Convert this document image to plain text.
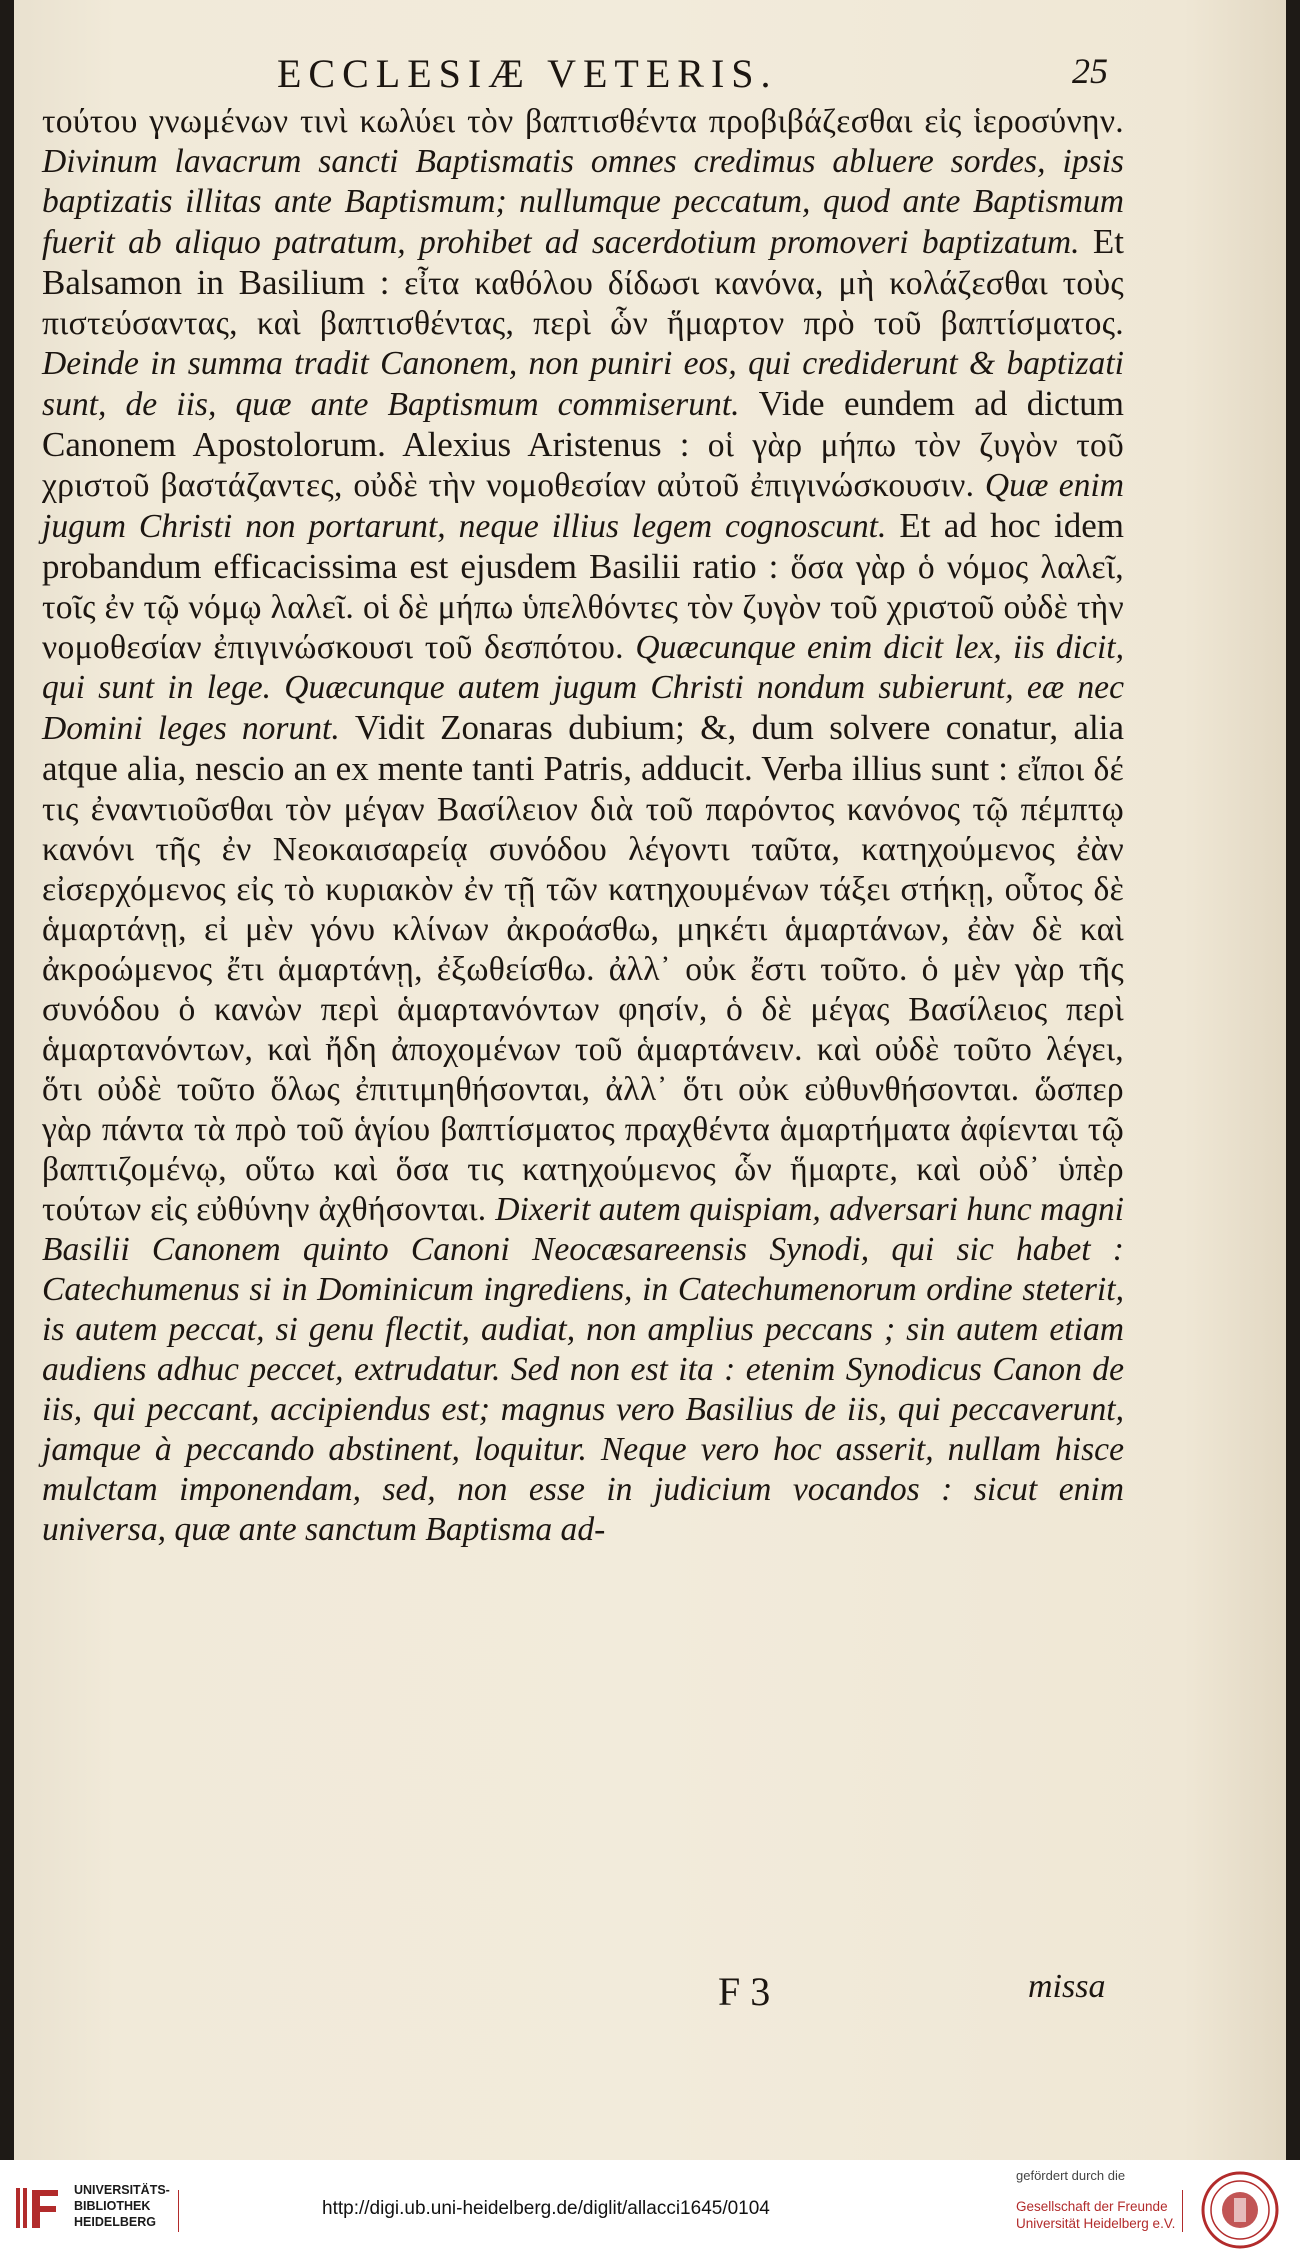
ECCLESIÆ VETERIS.	25

τούτου γνωμένων τινὶ κωλύει τὸν βαπτισθέντα προβιβάζεσθαι εἰς ἱεροσύνην. Divinum lavacrum sancti Baptismatis omnes credimus abluere sordes, ipsis baptizatis illitas ante Baptismum; nullumque peccatum, quod ante Baptismum fuerit ab aliquo patratum, prohibet ad sacerdotium promoveri baptizatum. Et Balsamon in Basilium : εἶτα καθόλου δίδωσι κανόνα, μὴ κολάζεσθαι τοὺς πιστεύσαντας, καὶ βαπτισθέντας, περὶ ὧν ἥμαρτον πρὸ τοῦ βαπτίσματος. Deinde in summa tradit Canonem, non puniri eos, qui crediderunt & baptizati sunt, de iis, quæ ante Baptismum commiserunt. Vide eundem ad dictum Canonem Apostolorum. Alexius Aristenus : οἱ γὰρ μήπω τὸν ζυγὸν τοῦ χριστοῦ βαστάζαντες, οὐδὲ τὴν νομοθεσίαν αὐτοῦ ἐπιγινώσκουσιν. Quæ enim jugum Christi non portarunt, neque illius legem cognoscunt. Et ad hoc idem probandum efficacissima est ejusdem Basilii ratio : ὅσα γὰρ ὁ νόμος λαλεῖ, τοῖς ἐν τῷ νόμῳ λαλεῖ. οἱ δὲ μήπω ὑπελθόντες τὸν ζυγὸν τοῦ χριστοῦ οὐδὲ τὴν νομοθεσίαν ἐπιγινώσκουσι τοῦ δεσπότου. Quæcunque enim dicit lex, iis dicit, qui sunt in lege. Quæcunque autem jugum Christi nondum subierunt, eæ nec Domini leges norunt. Vidit Zonaras dubium; &, dum solvere conatur, alia atque alia, nescio an ex mente tanti Patris, adducit. Verba illius sunt : εἴποι δέ τις ἐναντιοῦσθαι τὸν μέγαν Βασίλειον διὰ τοῦ παρόντος κανόνος τῷ πέμπτῳ κανόνι τῆς ἐν Νεοκαισαρείᾳ συνόδου λέγοντι ταῦτα, κατηχούμενος ἐὰν εἰσερχόμενος εἰς τὸ κυριακὸν ἐν τῇ τῶν κατηχουμένων τάξει στήκῃ, οὗτος δὲ ἁμαρτάνῃ, εἰ μὲν γόνυ κλίνων ἀκροάσθω, μηκέτι ἁμαρτάνων, ἐὰν δὲ καὶ ἀκροώμενος ἔτι ἁμαρτάνῃ, ἐξωθείσθω. ἀλλ᾽ οὐκ ἔστι τοῦτο. ὁ μὲν γὰρ τῆς συνόδου ὁ κανὼν περὶ ἁμαρτανόντων φησίν, ὁ δὲ μέγας Βασίλειος περὶ ἁμαρτανόντων, καὶ ἤδη ἀποχομένων τοῦ ἁμαρτάνειν. καὶ οὐδὲ τοῦτο λέγει, ὅτι οὐδὲ τοῦτο ὅλως ἐπιτιμηθήσονται, ἀλλ᾽ ὅτι οὐκ εὐθυνθήσονται. ὥσπερ γὰρ πάντα τὰ πρὸ τοῦ ἁγίου βαπτίσματος πραχθέντα ἁμαρτήματα ἀφίενται τῷ βαπτιζομένῳ, οὕτω καὶ ὅσα τις κατηχούμενος ὧν ἥμαρτε, καὶ οὐδ᾽ ὑπὲρ τούτων εἰς εὐθύνην ἀχθήσονται. Dixerit autem quispiam, adversari hunc magni Basilii Canonem quinto Canoni Neocæsareensis Synodi, qui sic habet : Catechumenus si in Dominicum ingrediens, in Catechumenorum ordine steterit, is autem peccat, si genu flectit, audiat, non amplius peccans ; sin autem etiam audiens adhuc peccet, extrudatur. Sed non est ita : etenim Synodicus Canon de iis, qui peccant, accipiendus est; magnus vero Basilius de iis, qui peccaverunt, jamque à peccando abstinent, loquitur. Neque vero hoc asserit, nullam hisce mulctam imponendam, sed, non esse in judicium vocandos : sicut enim universa, quæ ante sanctum Baptisma ad-

F 3	missa
UNIVERSITÄTS-
BIBLIOTHEK
HEIDELBERG
http://digi.ub.uni-heidelberg.de/diglit/allacci1645/0104
gefördert durch die
Gesellschaft der Freunde
Universität Heidelberg e.V.
